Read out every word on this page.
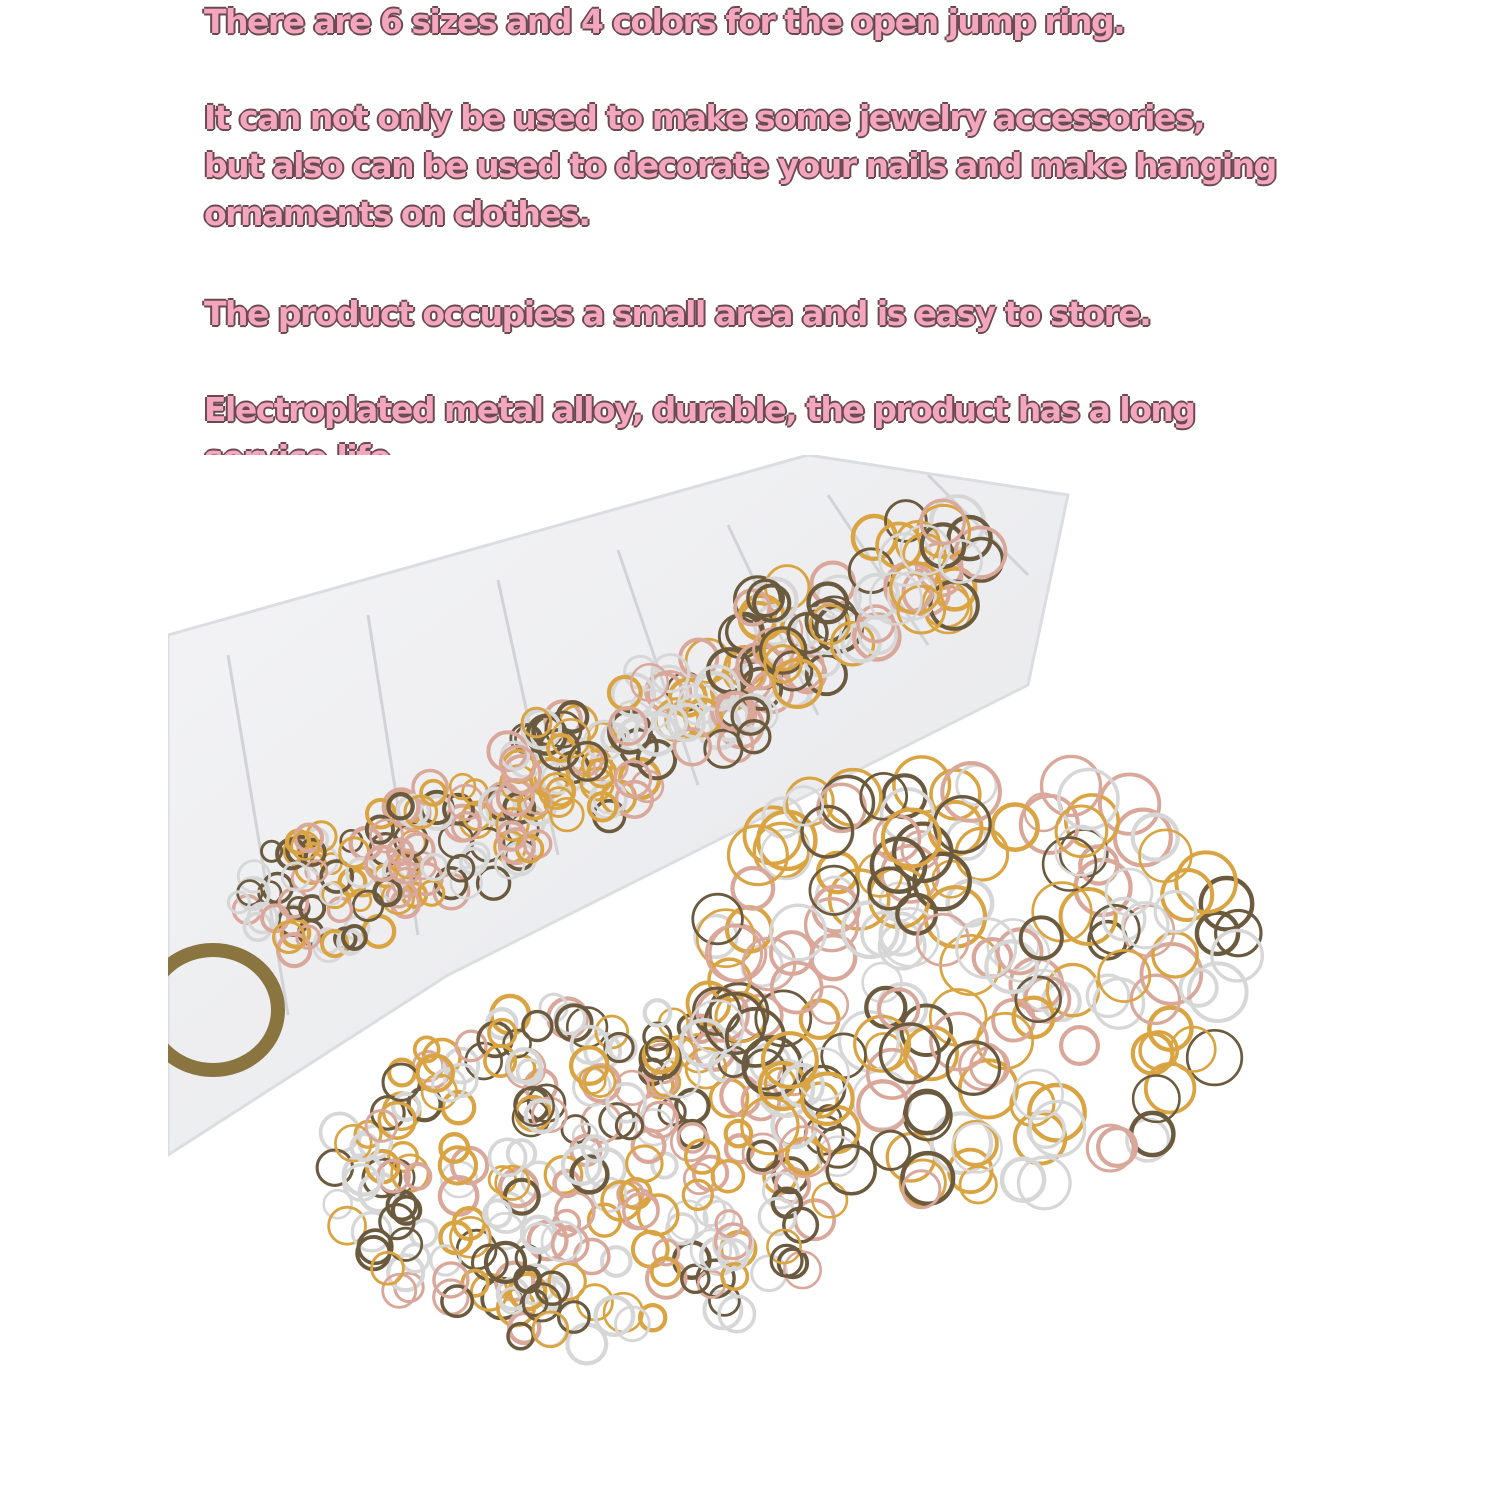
There are 6 sizes and 4 colors for the open jump ring.

It can not only be used to make some jewelry accessories,
but also can be used to decorate your nails and make hanging
ornaments on clothes.

The product occupies a small area and is easy to store.

Electroplated metal alloy, durable, the product has a long
